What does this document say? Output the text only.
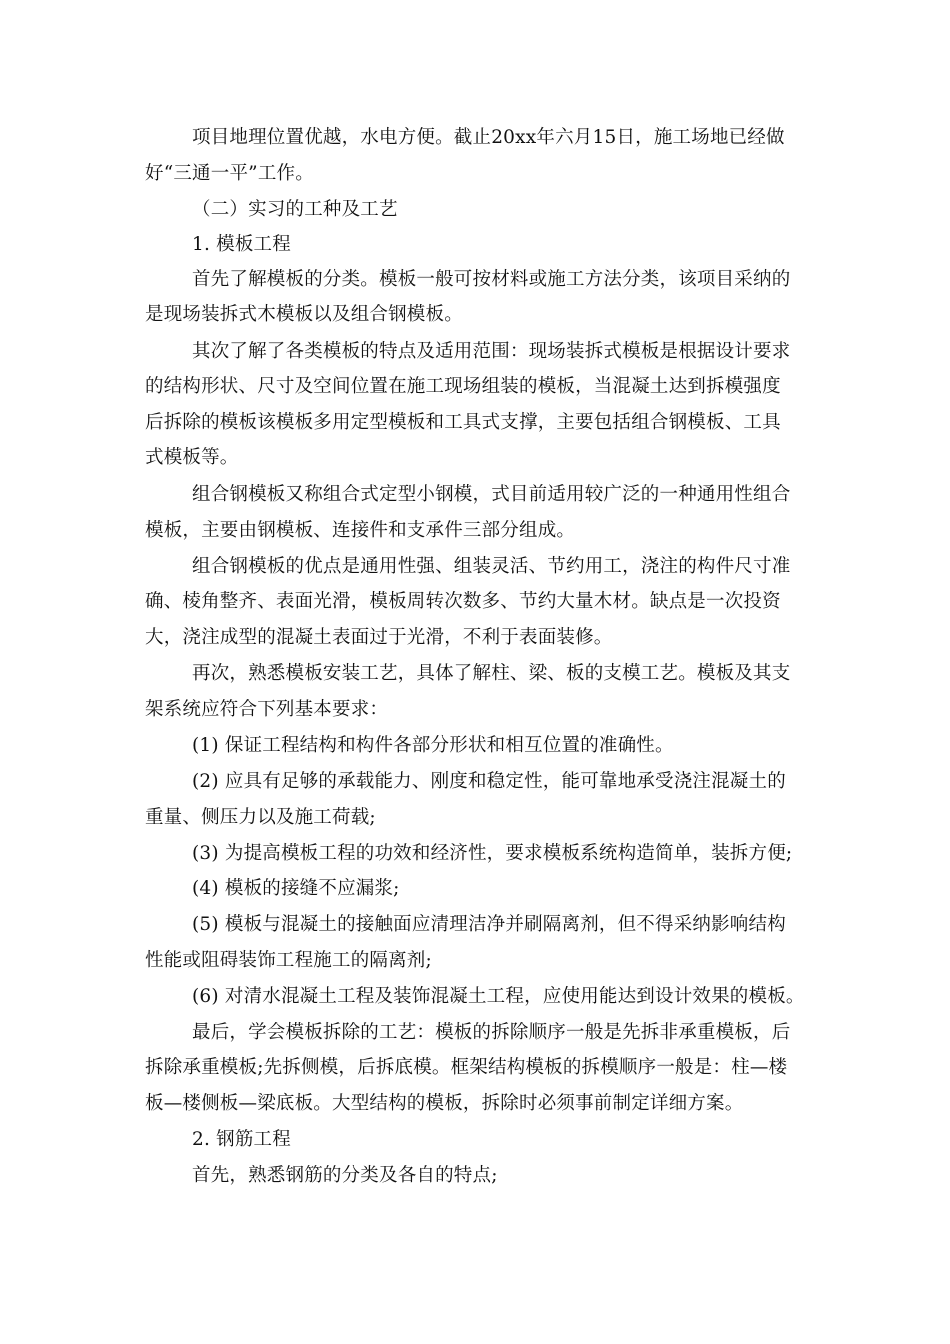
项目地理位置优越，水电方便。截止20xx年六月15日，施工场地已经做
好“三通一平”工作。
（二）实习的工种及工艺
1. 模板工程
首先了解模板的分类。模板一般可按材料或施工方法分类，该项目采纳的
是现场装拆式木模板以及组合钢模板。
其次了解了各类模板的特点及适用范围：现场装拆式模板是根据设计要求
的结构形状、尺寸及空间位置在施工现场组装的模板，当混凝土达到拆模强度
后拆除的模板该模板多用定型模板和工具式支撑，主要包括组合钢模板、工具
式模板等。
组合钢模板又称组合式定型小钢模，式目前适用较广泛的一种通用性组合
模板，主要由钢模板、连接件和支承件三部分组成。
组合钢模板的优点是通用性强、组装灵活、节约用工，浇注的构件尺寸准
确、棱角整齐、表面光滑，模板周转次数多、节约大量木材。缺点是一次投资
大，浇注成型的混凝土表面过于光滑，不利于表面装修。
再次，熟悉模板安装工艺，具体了解柱、梁、板的支模工艺。模板及其支
架系统应符合下列基本要求：
(1) 保证工程结构和构件各部分形状和相互位置的准确性。
(2) 应具有足够的承载能力、刚度和稳定性，能可靠地承受浇注混凝土的
重量、侧压力以及施工荷载;
(3) 为提高模板工程的功效和经济性，要求模板系统构造简单，装拆方便;
(4) 模板的接缝不应漏浆;
(5) 模板与混凝土的接触面应清理洁净并刷隔离剂，但不得采纳影响结构
性能或阻碍装饰工程施工的隔离剂;
(6) 对清水混凝土工程及装饰混凝土工程，应使用能达到设计效果的模板。
最后，学会模板拆除的工艺：模板的拆除顺序一般是先拆非承重模板，后
拆除承重模板;先拆侧模，后拆底模。框架结构模板的拆模顺序一般是：柱—楼
板—楼侧板—梁底板。大型结构的模板，拆除时必须事前制定详细方案。
2. 钢筋工程
首先，熟悉钢筋的分类及各自的特点;
